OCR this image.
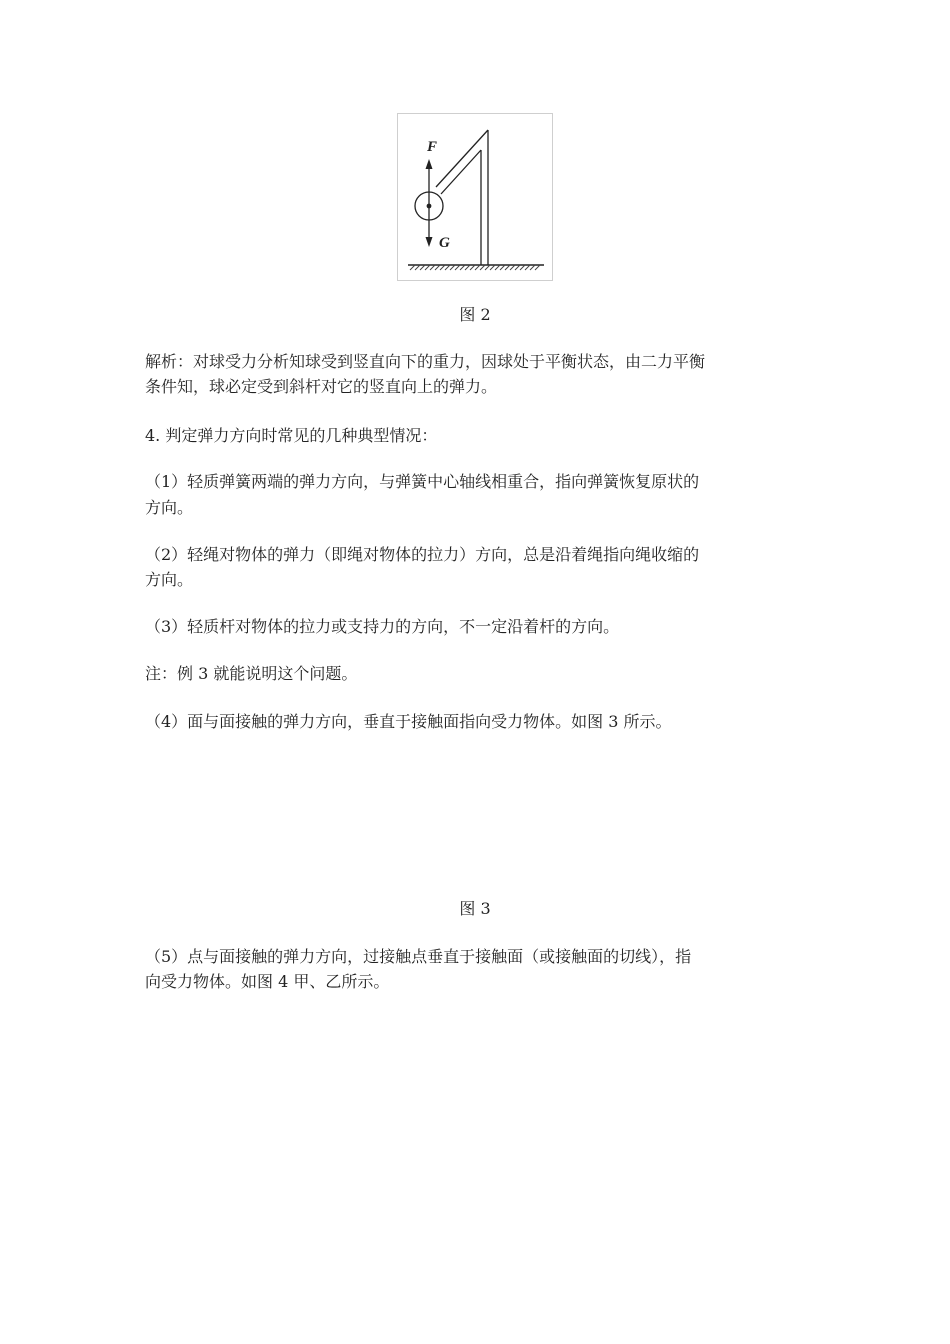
F
G
图 2

解析：对球受力分析知球受到竖直向下的重力，因球处于平衡状态，由二力平衡

条件知，球必定受到斜杆对它的竖直向上的弹力。

4. 判定弹力方向时常见的几种典型情况：

（1）轻质弹簧两端的弹力方向，与弹簧中心轴线相重合，指向弹簧恢复原状的

方向。

（2）轻绳对物体的弹力（即绳对物体的拉力）方向，总是沿着绳指向绳收缩的

方向。

（3）轻质杆对物体的拉力或支持力的方向，不一定沿着杆的方向。

注：例 3 就能说明这个问题。

（4）面与面接触的弹力方向，垂直于接触面指向受力物体。如图 3 所示。

图 3

（5）点与面接触的弹力方向，过接触点垂直于接触面（或接触面的切线），指

向受力物体。如图 4 甲、乙所示。
